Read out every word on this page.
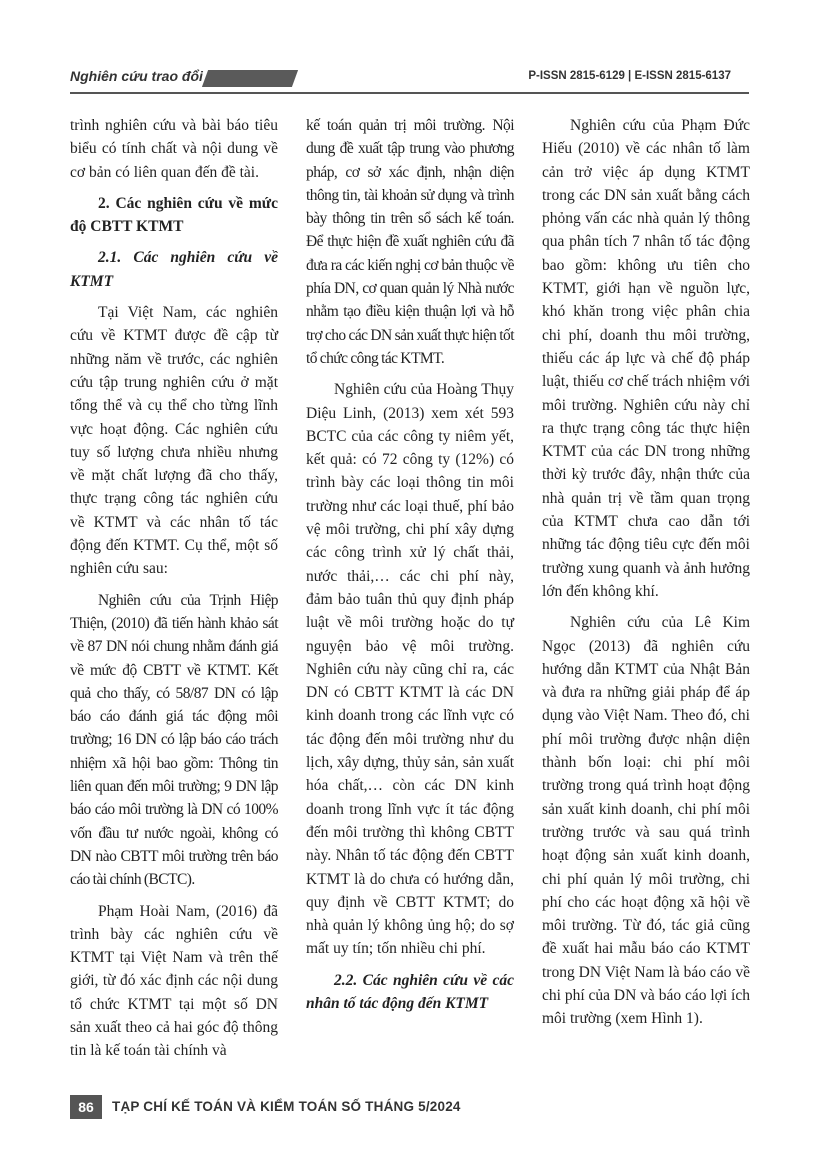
Nghiên cứu trao đổi	P-ISSN 2815-6129 | E-ISSN 2815-6137

trình nghiên cứu và bài báo tiêu biểu có tính chất và nội dung về cơ bản có liên quan đến đề tài.

2. Các nghiên cứu về mức độ CBTT KTMT
2.1. Các nghiên cứu về KTMT

Tại Việt Nam, các nghiên cứu về KTMT được đề cập từ những năm về trước, các nghiên cứu tập trung nghiên cứu ở mặt tổng thể và cụ thể cho từng lĩnh vực hoạt động. Các nghiên cứu tuy số lượng chưa nhiều nhưng về mặt chất lượng đã cho thấy, thực trạng công tác nghiên cứu về KTMT và các nhân tố tác động đến KTMT. Cụ thể, một số nghiên cứu sau:

Nghiên cứu của Trịnh Hiệp Thiện, (2010) đã tiến hành khảo sát về 87 DN nói chung nhằm đánh giá về mức độ CBTT về KTMT. Kết quả cho thấy, có 58/87 DN có lập báo cáo đánh giá tác động môi trường; 16 DN có lập báo cáo trách nhiệm xã hội bao gồm: Thông tin liên quan đến môi trường; 9 DN lập báo cáo môi trường là DN có 100% vốn đầu tư nước ngoài, không có DN nào CBTT môi trường trên báo cáo tài chính (BCTC).

Phạm Hoài Nam, (2016) đã trình bày các nghiên cứu về KTMT tại Việt Nam và trên thế giới, từ đó xác định các nội dung tổ chức KTMT tại một số DN sản xuất theo cả hai góc độ thông tin là kế toán tài chính và

kế toán quản trị môi trường. Nội dung đề xuất tập trung vào phương pháp, cơ sở xác định, nhận diện thông tin, tài khoản sử dụng và trình bày thông tin trên sổ sách kế toán. Để thực hiện đề xuất nghiên cứu đã đưa ra các kiến nghị cơ bản thuộc về phía DN, cơ quan quản lý Nhà nước nhằm tạo điều kiện thuận lợi và hỗ trợ cho các DN sản xuất thực hiện tốt tổ chức công tác KTMT.

Nghiên cứu của Hoàng Thụy Diệu Linh, (2013) xem xét 593 BCTC của các công ty niêm yết, kết quả: có 72 công ty (12%) có trình bày các loại thông tin môi trường như các loại thuế, phí bảo vệ môi trường, chi phí xây dựng các công trình xử lý chất thải, nước thải,… các chi phí này, đảm bảo tuân thủ quy định pháp luật về môi trường hoặc do tự nguyện bảo vệ môi trường. Nghiên cứu này cũng chỉ ra, các DN có CBTT KTMT là các DN kinh doanh trong các lĩnh vực có tác động đến môi trường như du lịch, xây dựng, thủy sản, sản xuất hóa chất,… còn các DN kinh doanh trong lĩnh vực ít tác động đến môi trường thì không CBTT này. Nhân tố tác động đến CBTT KTMT là do chưa có hướng dẫn, quy định về CBTT KTMT; do nhà quản lý không ủng hộ; do sợ mất uy tín; tốn nhiều chi phí.

2.2. Các nghiên cứu về các nhân tố tác động đến KTMT

Nghiên cứu của Phạm Đức Hiếu (2010) về các nhân tố làm cản trở việc áp dụng KTMT trong các DN sản xuất bằng cách phỏng vấn các nhà quản lý thông qua phân tích 7 nhân tố tác động bao gồm: không ưu tiên cho KTMT, giới hạn về nguồn lực, khó khăn trong việc phân chia chi phí, doanh thu môi trường, thiếu các áp lực và chế độ pháp luật, thiếu cơ chế trách nhiệm với môi trường. Nghiên cứu này chỉ ra thực trạng công tác thực hiện KTMT của các DN trong những thời kỳ trước đây, nhận thức của nhà quản trị về tầm quan trọng của KTMT chưa cao dẫn tới những tác động tiêu cực đến môi trường xung quanh và ảnh hưởng lớn đến không khí.

Nghiên cứu của Lê Kim Ngọc (2013) đã nghiên cứu hướng dẫn KTMT của Nhật Bản và đưa ra những giải pháp để áp dụng vào Việt Nam. Theo đó, chi phí môi trường được nhận diện thành bốn loại: chi phí môi trường trong quá trình hoạt động sản xuất kinh doanh, chi phí môi trường trước và sau quá trình hoạt động sản xuất kinh doanh, chi phí quản lý môi trường, chi phí cho các hoạt động xã hội về môi trường. Từ đó, tác giả cũng đề xuất hai mẫu báo cáo KTMT trong DN Việt Nam là báo cáo về chi phí của DN và báo cáo lợi ích môi trường (xem Hình 1).

86	TẠP CHÍ KẾ TOÁN VÀ KIỂM TOÁN SỐ THÁNG 5/2024
